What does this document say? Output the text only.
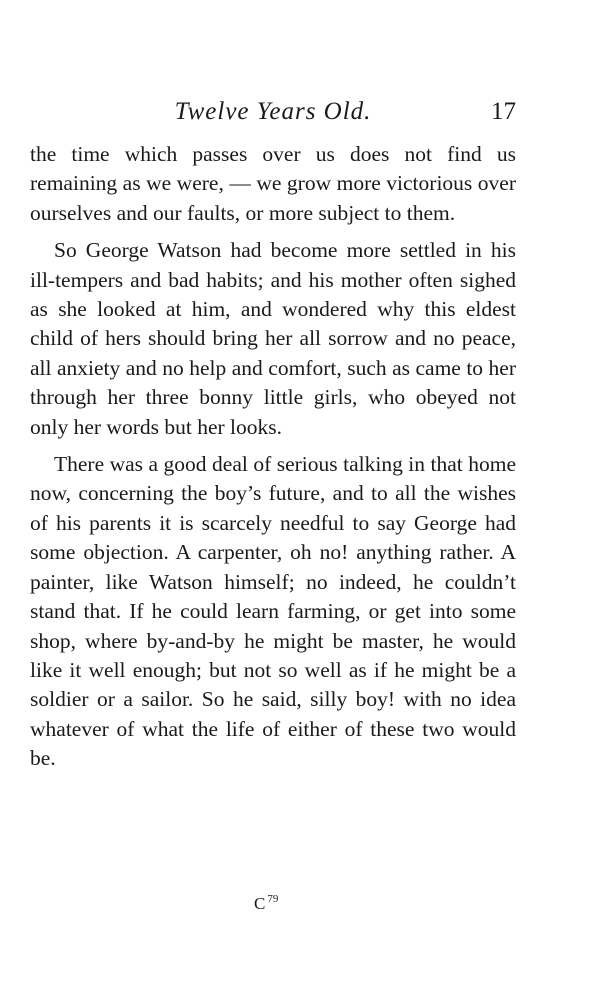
Twelve Years Old.	17

the time which passes over us does not find us remaining as we were, — we grow more victorious over ourselves and our faults, or more subject to them.

So George Watson had become more settled in his ill-tempers and bad habits; and his mother often sighed as she looked at him, and wondered why this eldest child of hers should bring her all sorrow and no peace, all anxiety and no help and comfort, such as came to her through her three bonny little girls, who obeyed not only her words but her looks.

There was a good deal of serious talking in that home now, concerning the boy’s future, and to all the wishes of his parents it is scarcely needful to say George had some objection. A carpenter, oh no! anything rather. A painter, like Watson himself; no indeed, he couldn’t stand that. If he could learn farming, or get into some shop, where by-and-by he might be master, he would like it well enough; but not so well as if he might be a soldier or a sailor. So he said, silly boy! with no idea whatever of what the life of either of these two would be.

C $^{79}$
